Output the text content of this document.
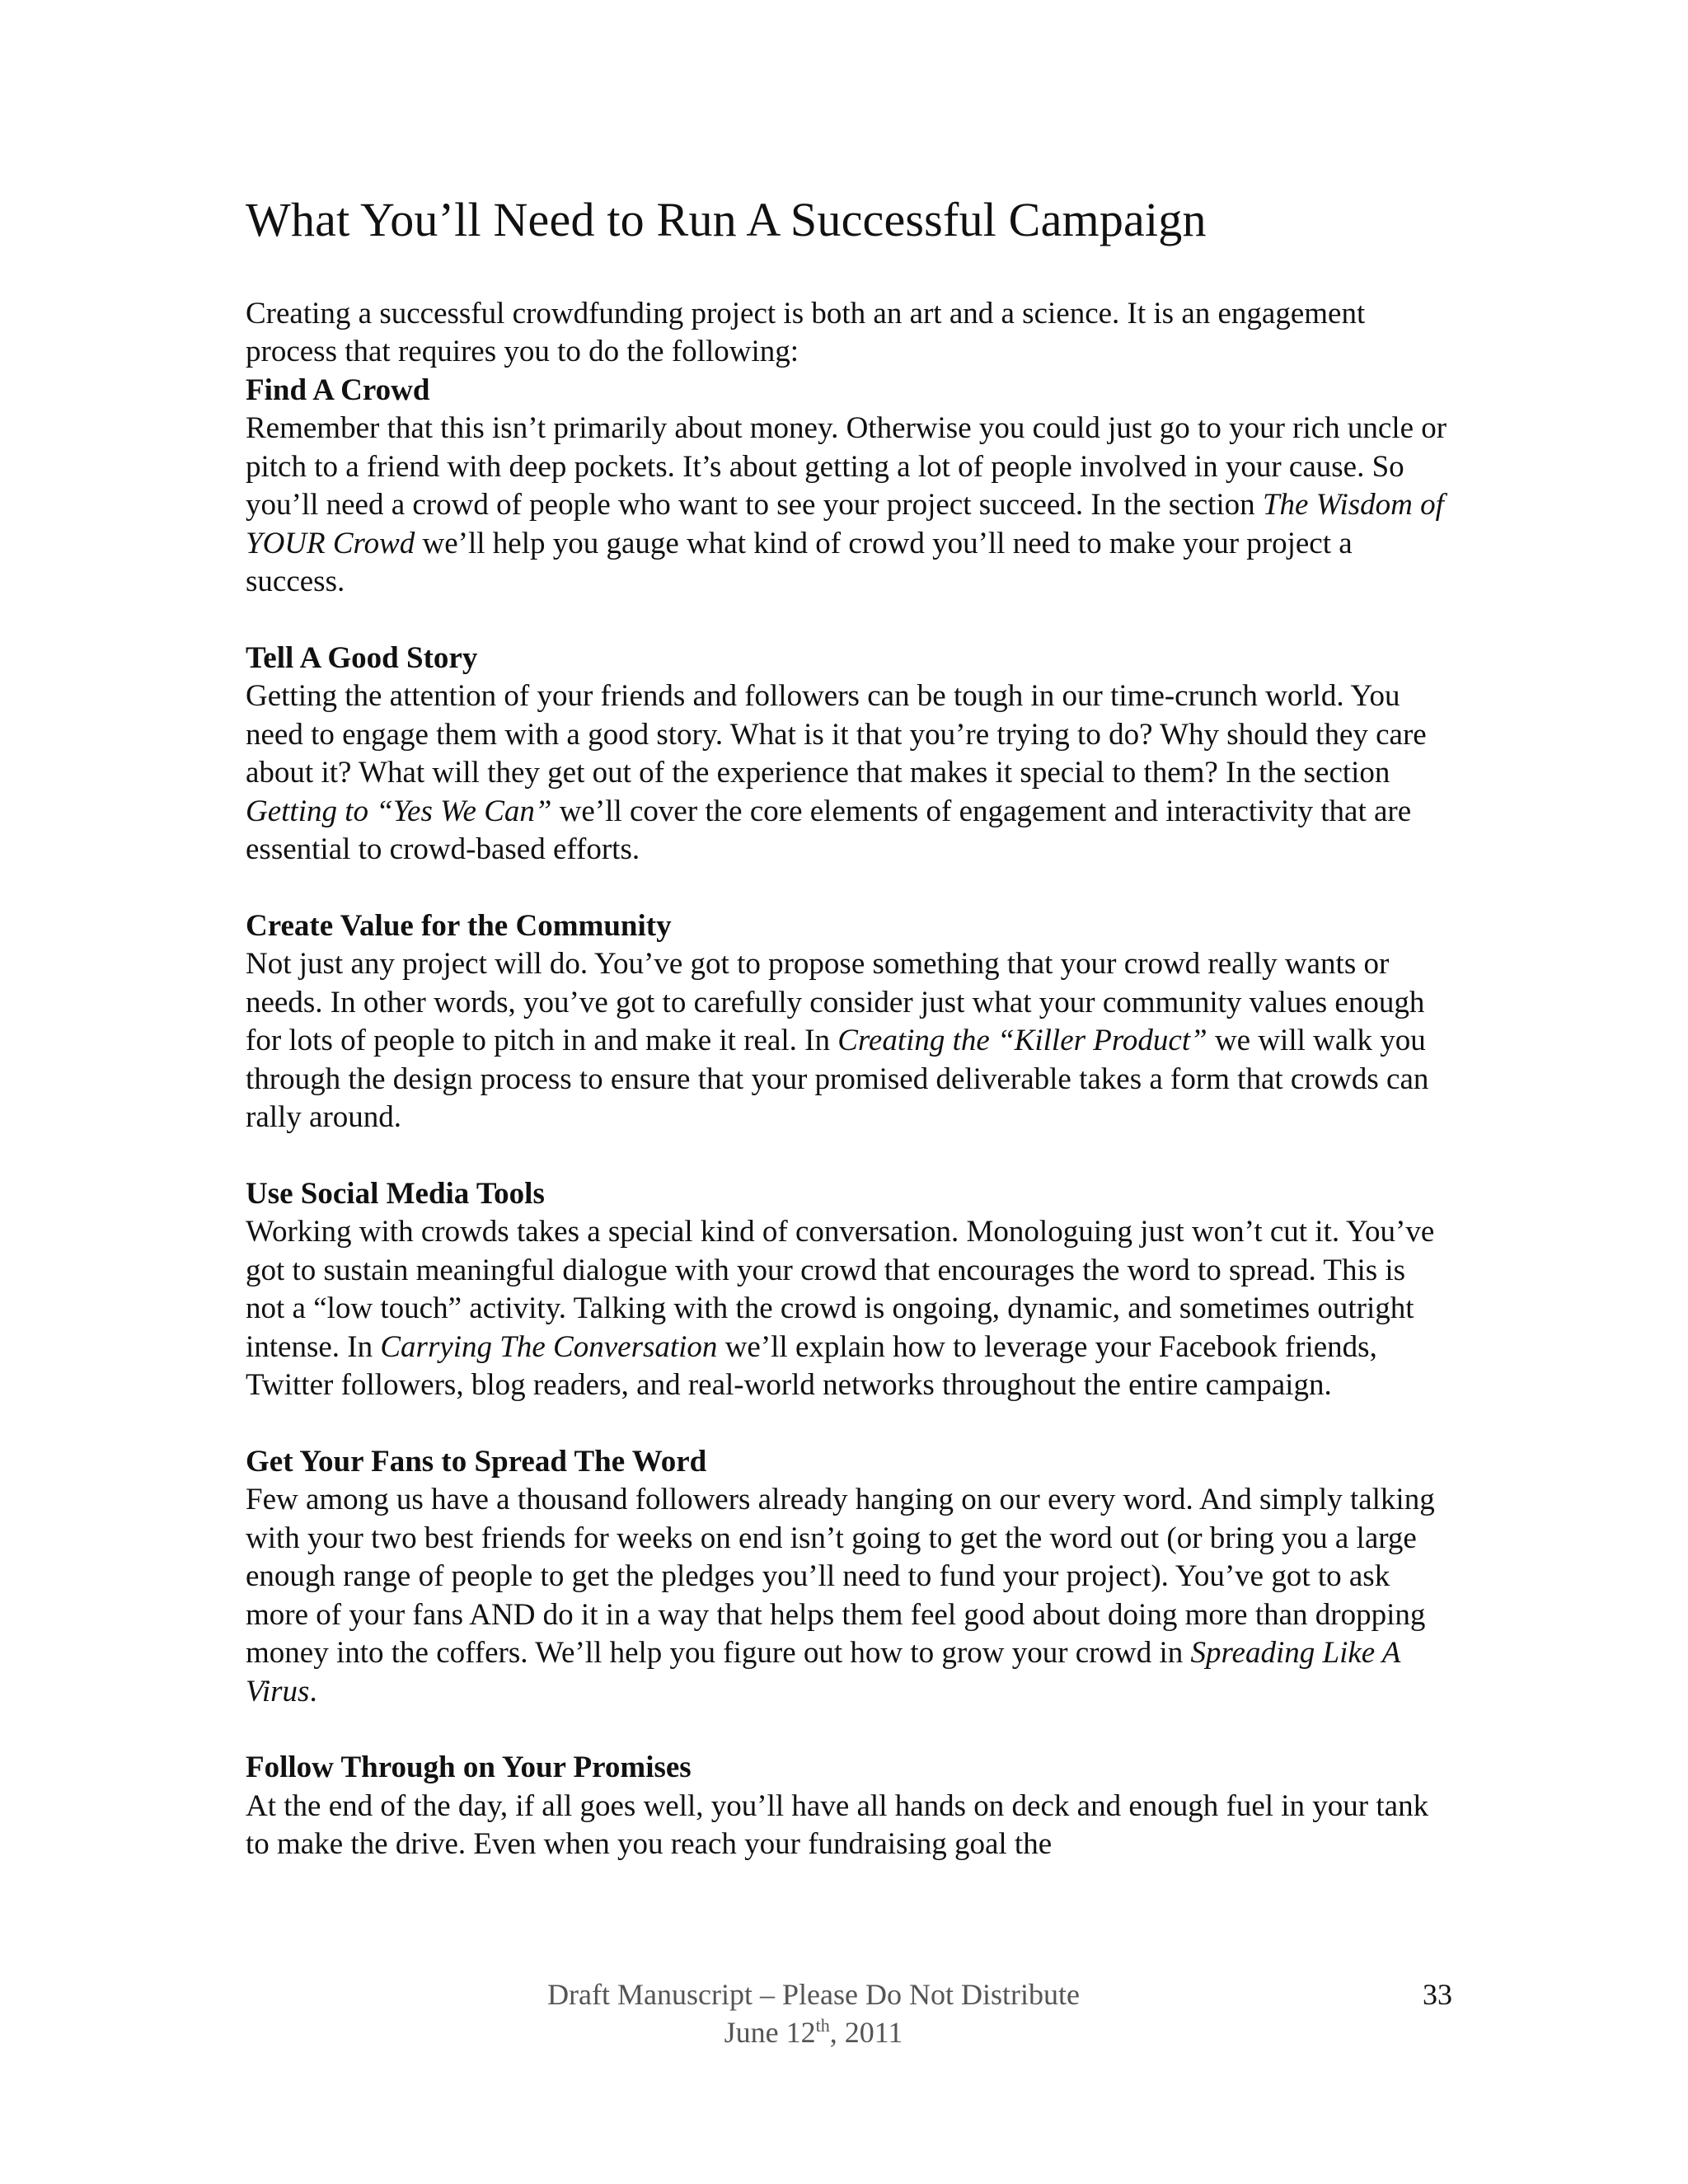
What You’ll Need to Run A Successful Campaign

Creating a successful crowdfunding project is both an art and a science. It is an engagement process that requires you to do the following:

Find A Crowd

Remember that this isn’t primarily about money. Otherwise you could just go to your rich uncle or pitch to a friend with deep pockets. It’s about getting a lot of people involved in your cause. So you’ll need a crowd of people who want to see your project succeed. In the section The Wisdom of YOUR Crowd we’ll help you gauge what kind of crowd you’ll need to make your project a success.

Tell A Good Story

Getting the attention of your friends and followers can be tough in our time-crunch world. You need to engage them with a good story. What is it that you’re trying to do? Why should they care about it? What will they get out of the experience that makes it special to them? In the section Getting to “Yes We Can” we’ll cover the core elements of engagement and interactivity that are essential to crowd-based efforts.

Create Value for the Community

Not just any project will do. You’ve got to propose something that your crowd really wants or needs. In other words, you’ve got to carefully consider just what your community values enough for lots of people to pitch in and make it real. In Creating the “Killer Product” we will walk you through the design process to ensure that your promised deliverable takes a form that crowds can rally around.

Use Social Media Tools

Working with crowds takes a special kind of conversation. Monologuing just won’t cut it. You’ve got to sustain meaningful dialogue with your crowd that encourages the word to spread. This is not a “low touch” activity. Talking with the crowd is ongoing, dynamic, and sometimes outright intense. In Carrying The Conversation we’ll explain how to leverage your Facebook friends, Twitter followers, blog readers, and real-world networks throughout the entire campaign.

Get Your Fans to Spread The Word

Few among us have a thousand followers already hanging on our every word. And simply talking with your two best friends for weeks on end isn’t going to get the word out (or bring you a large enough range of people to get the pledges you’ll need to fund your project). You’ve got to ask more of your fans AND do it in a way that helps them feel good about doing more than dropping money into the coffers. We’ll help you figure out how to grow your crowd in Spreading Like A Virus.

Follow Through on Your Promises

At the end of the day, if all goes well, you’ll have all hands on deck and enough fuel in your tank to make the drive. Even when you reach your fundraising goal the

Draft Manuscript – Please Do Not Distribute
June 12th, 2011
33
